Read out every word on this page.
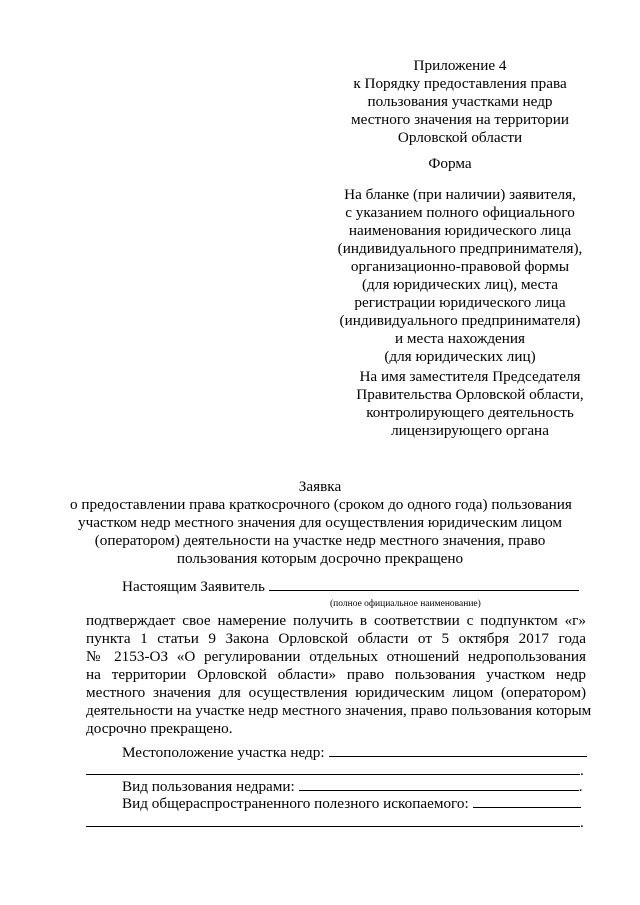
Приложение 4
к Порядку предоставления права
пользования участками недр
местного значения на территории
Орловской области
Форма
На бланке (при наличии) заявителя,
с указанием полного официального
наименования юридического лица
(индивидуального предпринимателя),
организационно-правовой формы
(для юридических лиц), места
регистрации юридического лица
(индивидуального предпринимателя)
и места нахождения
(для юридических лиц)
На имя заместителя Председателя
Правительства Орловской области,
контролирующего деятельность
лицензирующего органа
Заявка
о предоставлении права краткосрочного (сроком до одного года) пользования
участком недр местного значения для осуществления юридическим лицом
(оператором) деятельности на участке недр местного значения, право
пользования которым досрочно прекращено
Настоящим Заявитель
(полное официальное наименование)
подтверждает свое намерение получить в соответствии с подпунктом «г»
пункта 1 статьи 9 Закона Орловской области от 5 октября 2017 года
№ 2153-ОЗ «О регулировании отдельных отношений недропользования
на территории Орловской области» право пользования участком недр
местного значения для осуществления юридическим лицом (оператором)
деятельности на участке недр местного значения, право пользования которым
досрочно прекращено.
Местоположение участка недр:
.
Вид пользования недрами:	.
Вид общераспространенного полезного ископаемого:
.
